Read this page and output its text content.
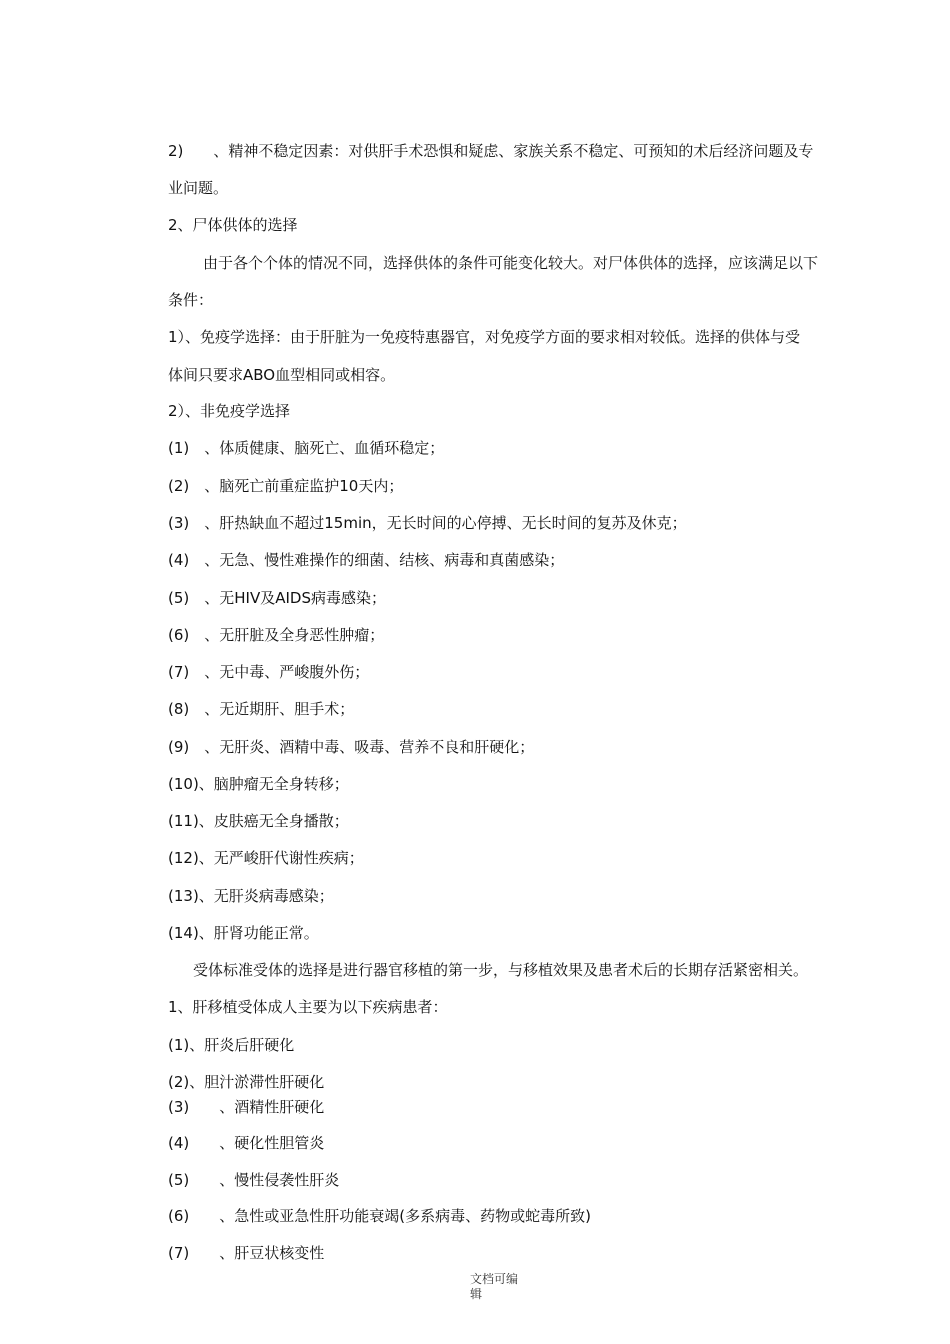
2)　　、精神不稳定因素：对供肝手术恐惧和疑虑、家族关系不稳定、可预知的术后经济问题及专
业问题。
2、尸体供体的选择
由于各个个体的情况不同，选择供体的条件可能变化较大。对尸体供体的选择，应该满足以下
条件：
1）、免疫学选择：由于肝脏为一免疫特惠器官，对免疫学方面的要求相对较低。选择的供体与受
体间只要求ABO血型相同或相容。
2）、非免疫学选择
(1)　、体质健康、脑死亡、血循环稳定；
(2)　、脑死亡前重症监护10天内；
(3)　、肝热缺血不超过15min，无长时间的心停搏、无长时间的复苏及休克；
(4)　、无急、慢性难操作的细菌、结核、病毒和真菌感染；
(5)　、无HIV及AIDS病毒感染；
(6)　、无肝脏及全身恶性肿瘤；
(7)　、无中毒、严峻腹外伤；
(8)　、无近期肝、胆手术；
(9)　、无肝炎、酒精中毒、吸毒、营养不良和肝硬化；
(10)、脑肿瘤无全身转移；
(11)、皮肤癌无全身播散；
(12)、无严峻肝代谢性疾病；
(13)、无肝炎病毒感染；
(14)、肝肾功能正常。
受体标准受体的选择是进行器官移植的第一步，与移植效果及患者术后的长期存活紧密相关。
1、肝移植受体成人主要为以下疾病患者：
(1)、肝炎后肝硬化
(2)、胆汁淤滞性肝硬化
(3)　　、酒精性肝硬化
(4)　　、硬化性胆管炎
(5)　　、慢性侵袭性肝炎
(6)　　、急性或亚急性肝功能衰竭(多系病毒、药物或蛇毒所致)
(7)　　、肝豆状核变性
文档可编
辑
